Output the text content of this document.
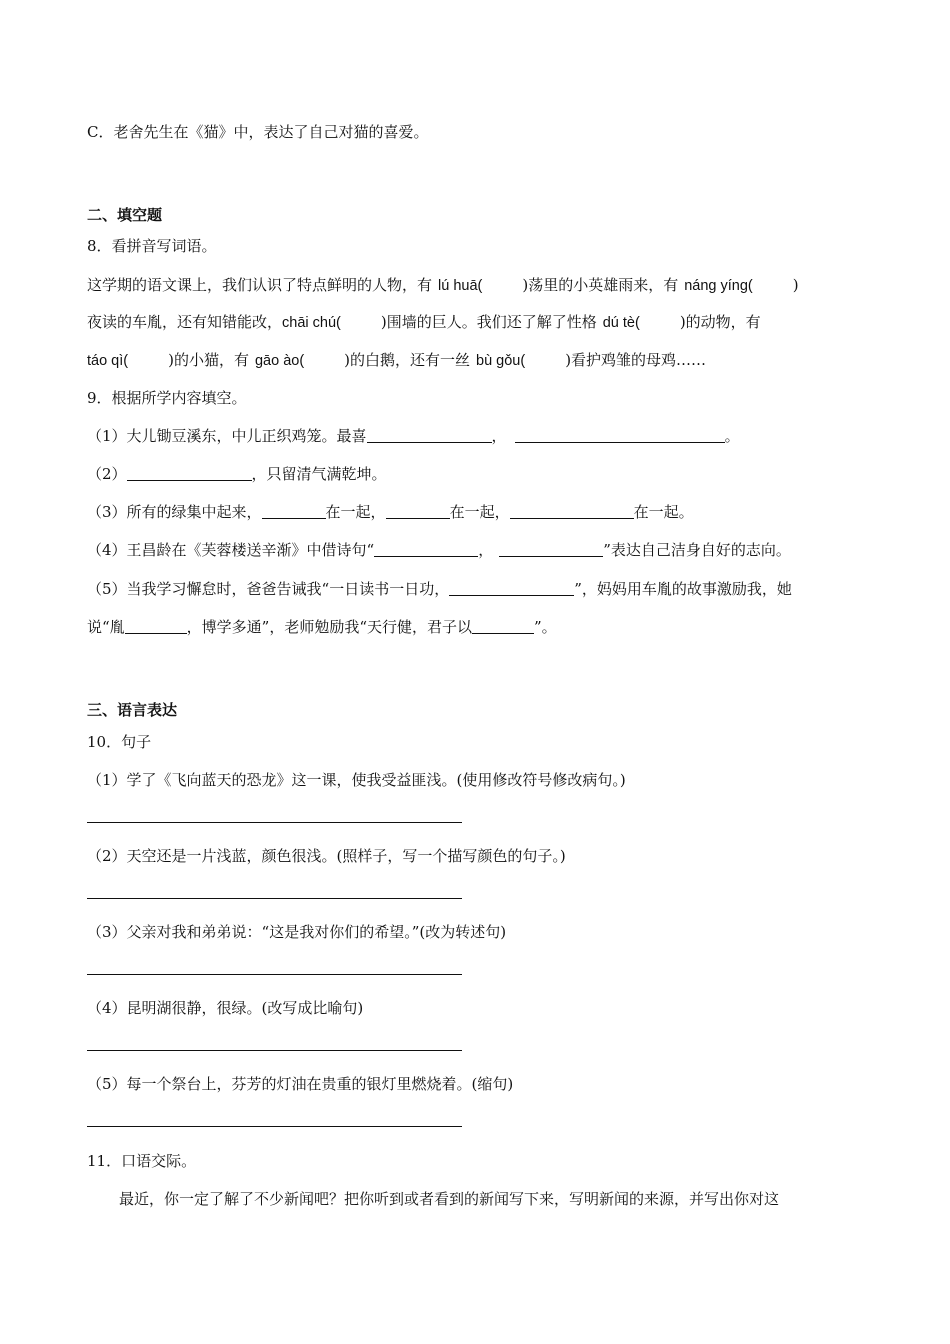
C．老舍先生在《猫》中，表达了自己对猫的喜爱。
二、填空题
8．看拼音写词语。
这学期的语文课上，我们认识了特点鲜明的人物，有 lú huā(	)荡里的小英雄雨来，有 náng yíng(	)
夜读的车胤，还有知错能改，chāi chú(	)围墙的巨人。我们还了解了性格 dú tè(	)的动物，有
táo qì(	)的小猫，有 gāo ào(	)的白鹅，还有一丝 bù gǒu(	)看护鸡雏的母鸡……
9．根据所学内容填空。
（1）大儿锄豆溪东，中儿正织鸡笼。最喜	，	。
（2）	，只留清气满乾坤。
（3）所有的绿集中起来，	在一起，	在一起，	在一起。
（4）王昌龄在《芙蓉楼送辛渐》中借诗句“	，	”表达自己洁身自好的志向。
（5）当我学习懈怠时，爸爸告诫我“一日读书一日功，	”，妈妈用车胤的故事激励我，她
说“胤	，博学多通”，老师勉励我“天行健，君子以	”。
三、语言表达
10．句子
（1）学了《飞向蓝天的恐龙》这一课，使我受益匪浅。(使用修改符号修改病句。)
（2）天空还是一片浅蓝，颜色很浅。(照样子，写一个描写颜色的句子。)
（3）父亲对我和弟弟说：“这是我对你们的希望。”(改为转述句)
（4）昆明湖很静，很绿。(改写成比喻句)
（5）每一个祭台上，芬芳的灯油在贵重的银灯里燃烧着。(缩句)
11．口语交际。
最近，你一定了解了不少新闻吧？把你听到或者看到的新闻写下来，写明新闻的来源，并写出你对这
